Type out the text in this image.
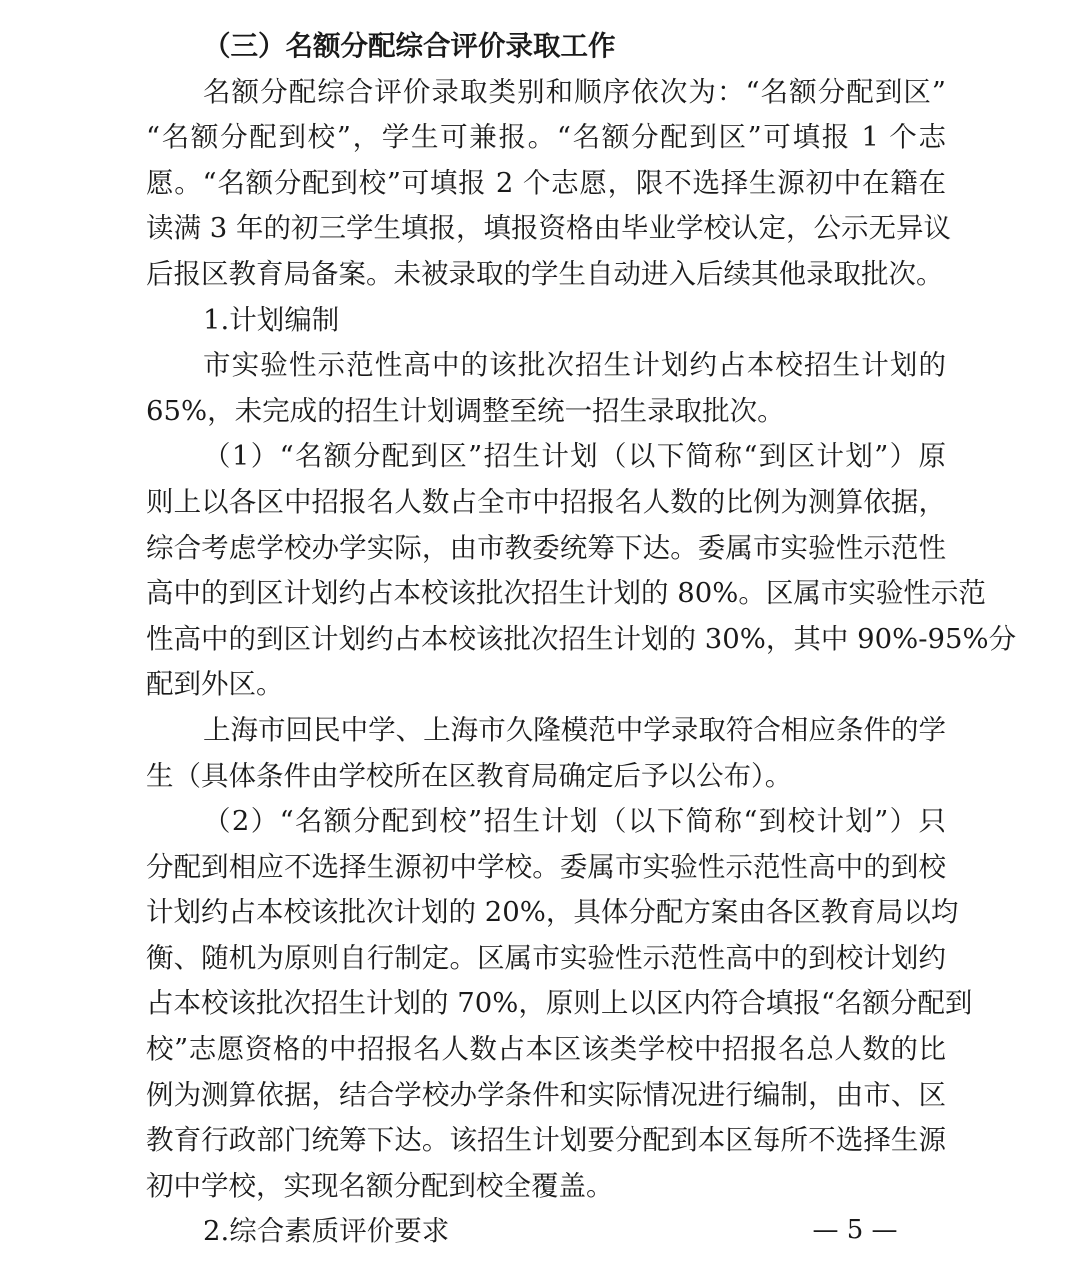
（三）名额分配综合评价录取工作
名额分配综合评价录取类别和顺序依次为：“名额分配到区”
“名额分配到校”，学生可兼报。“名额分配到区”可填报 1 个志
愿。“名额分配到校”可填报 2 个志愿，限不选择生源初中在籍在
读满 3 年的初三学生填报，填报资格由毕业学校认定，公示无异议
后报区教育局备案。未被录取的学生自动进入后续其他录取批次。
1.计划编制
市实验性示范性高中的该批次招生计划约占本校招生计划的
65%，未完成的招生计划调整至统一招生录取批次。
（1）“名额分配到区”招生计划（以下简称“到区计划”）原
则上以各区中招报名人数占全市中招报名人数的比例为测算依据，
综合考虑学校办学实际，由市教委统筹下达。委属市实验性示范性
高中的到区计划约占本校该批次招生计划的 80%。区属市实验性示范
性高中的到区计划约占本校该批次招生计划的 30%，其中 90%-95%分
配到外区。
上海市回民中学、上海市久隆模范中学录取符合相应条件的学
生（具体条件由学校所在区教育局确定后予以公布）。
（2）“名额分配到校”招生计划（以下简称“到校计划”）只
分配到相应不选择生源初中学校。委属市实验性示范性高中的到校
计划约占本校该批次计划的 20%，具体分配方案由各区教育局以均
衡、随机为原则自行制定。区属市实验性示范性高中的到校计划约
占本校该批次招生计划的 70%，原则上以区内符合填报“名额分配到
校”志愿资格的中招报名人数占本区该类学校中招报名总人数的比
例为测算依据，结合学校办学条件和实际情况进行编制，由市、区
教育行政部门统筹下达。该招生计划要分配到本区每所不选择生源
初中学校，实现名额分配到校全覆盖。
2.综合素质评价要求	— 5 —
